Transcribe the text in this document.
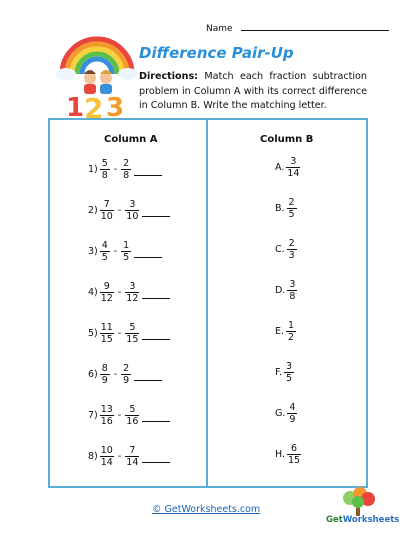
Name
1 2 3
Difference Pair-Up
Directions: Match each fraction subtraction problem in Column A with its correct difference in Column B. Write the matching letter.
Column A	Column B
$1) \frac{5}{8} - \frac{2}{8}$
$2) \frac{7}{10} - \frac{3}{10}$
$3) \frac{4}{5} - \frac{1}{5}$
$4) \frac{9}{12} - \frac{3}{12}$
$5) \frac{11}{15} - \frac{5}{15}$
$6) \frac{8}{9} - \frac{2}{9}$
$7) \frac{13}{16} - \frac{5}{16}$
$8) \frac{10}{14} - \frac{7}{14}$
A. $\frac{3}{14}$
B. $\frac{2}{5}$
C. $\frac{2}{3}$
D. $\frac{3}{8}$
E. $\frac{1}{2}$
F. $\frac{3}{5}$
G. $\frac{4}{9}$
H. $\frac{6}{15}$
© GetWorksheets.com
GetWorksheets
